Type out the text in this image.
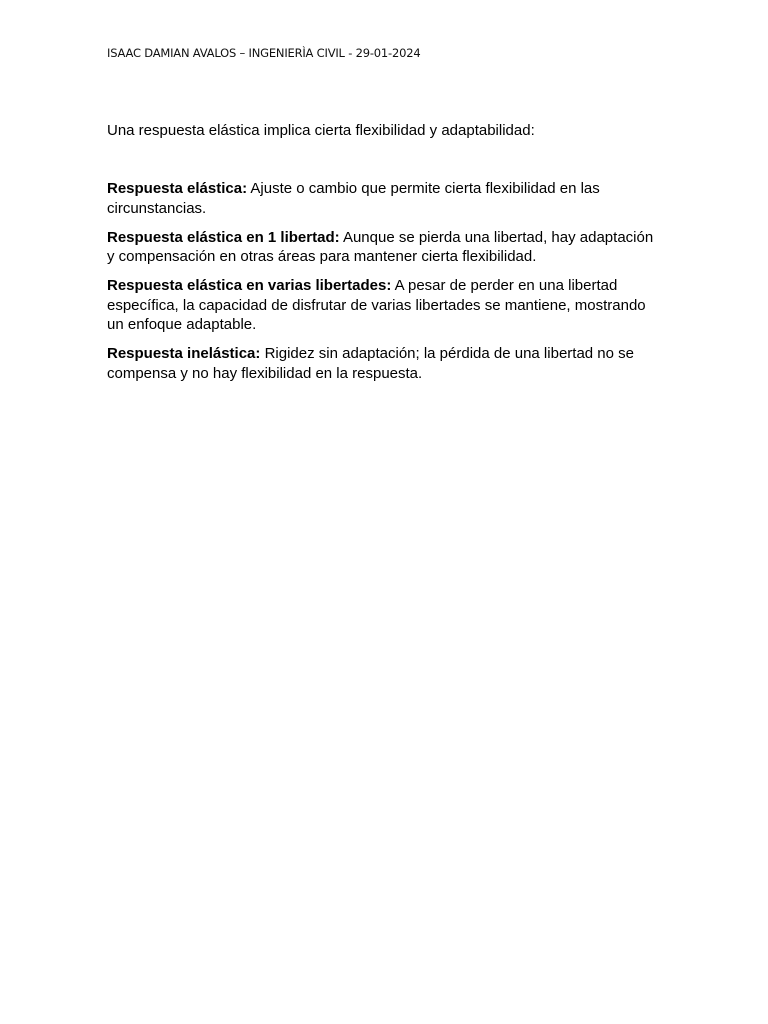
ISAAC DAMIAN AVALOS – INGENIERÌA CIVIL - 29-01-2024

Una respuesta elástica implica cierta flexibilidad y adaptabilidad:

Respuesta elástica: Ajuste o cambio que permite cierta flexibilidad en las circunstancias.

Respuesta elástica en 1 libertad: Aunque se pierda una libertad, hay adaptación y compensación en otras áreas para mantener cierta flexibilidad.

Respuesta elástica en varias libertades: A pesar de perder en una libertad específica, la capacidad de disfrutar de varias libertades se mantiene, mostrando un enfoque adaptable.

Respuesta inelástica: Rigidez sin adaptación; la pérdida de una libertad no se compensa y no hay flexibilidad en la respuesta.
